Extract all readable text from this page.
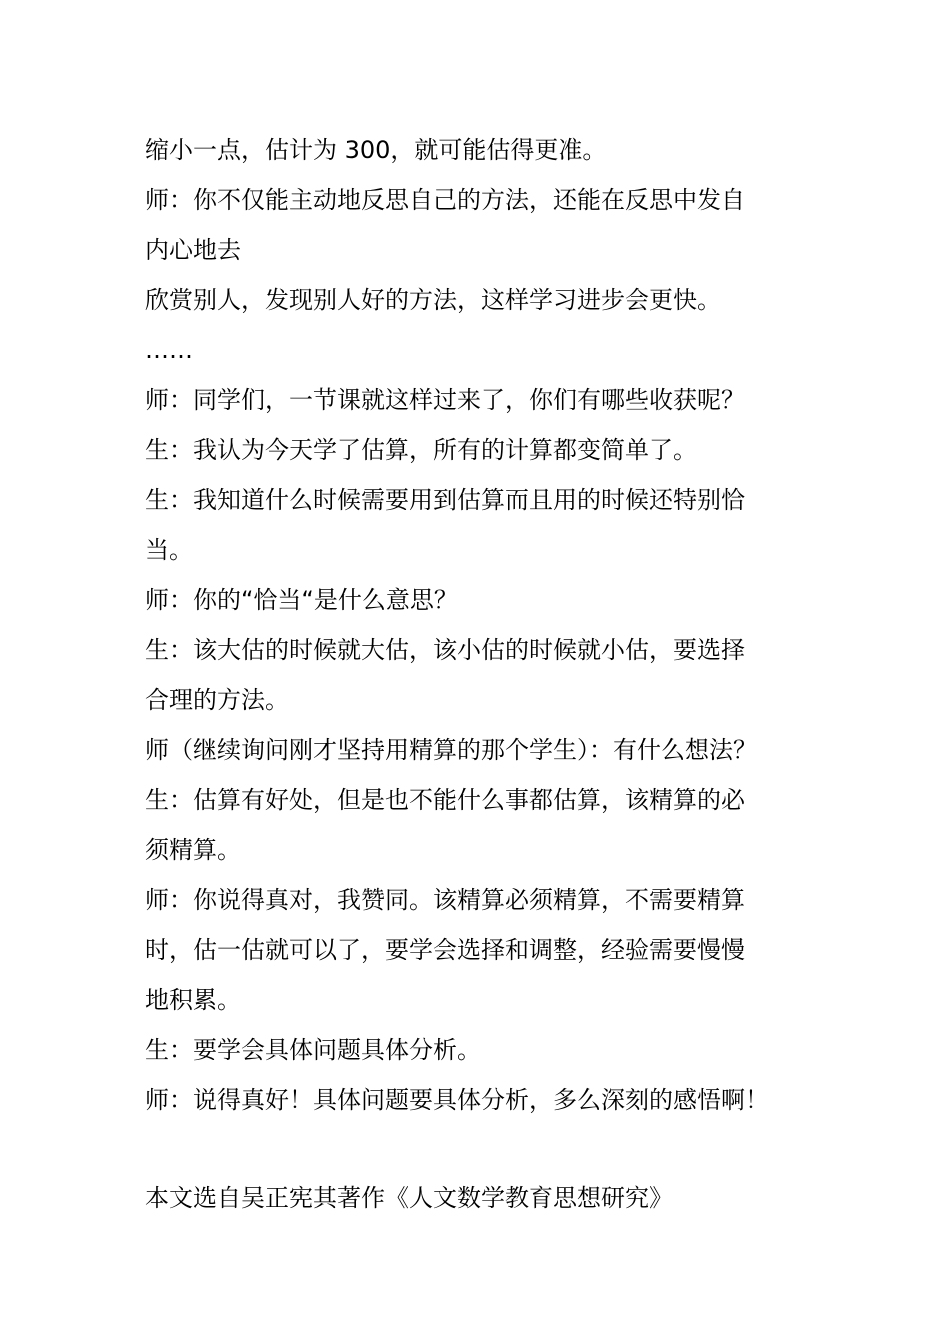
缩小一点，估计为 300，就可能估得更准。
师：你不仅能主动地反思自己的方法，还能在反思中发自
内心地去
欣赏别人，发现别人好的方法，这样学习进步会更快。
……
师：同学们，一节课就这样过来了，你们有哪些收获呢？
生：我认为今天学了估算，所有的计算都变简单了。
生：我知道什么时候需要用到估算而且用的时候还特别恰
当。
师：你的“恰当“是什么意思？
生：该大估的时候就大估，该小估的时候就小估，要选择
合理的方法。
师（继续询问刚才坚持用精算的那个学生）：有什么想法？
生：估算有好处，但是也不能什么事都估算，该精算的必
须精算。
师：你说得真对，我赞同。该精算必须精算，不需要精算
时，估一估就可以了，要学会选择和调整，经验需要慢慢
地积累。
生：要学会具体问题具体分析。
师：说得真好！具体问题要具体分析，多么深刻的感悟啊！
本文选自吴正宪其著作《人文数学教育思想研究》
